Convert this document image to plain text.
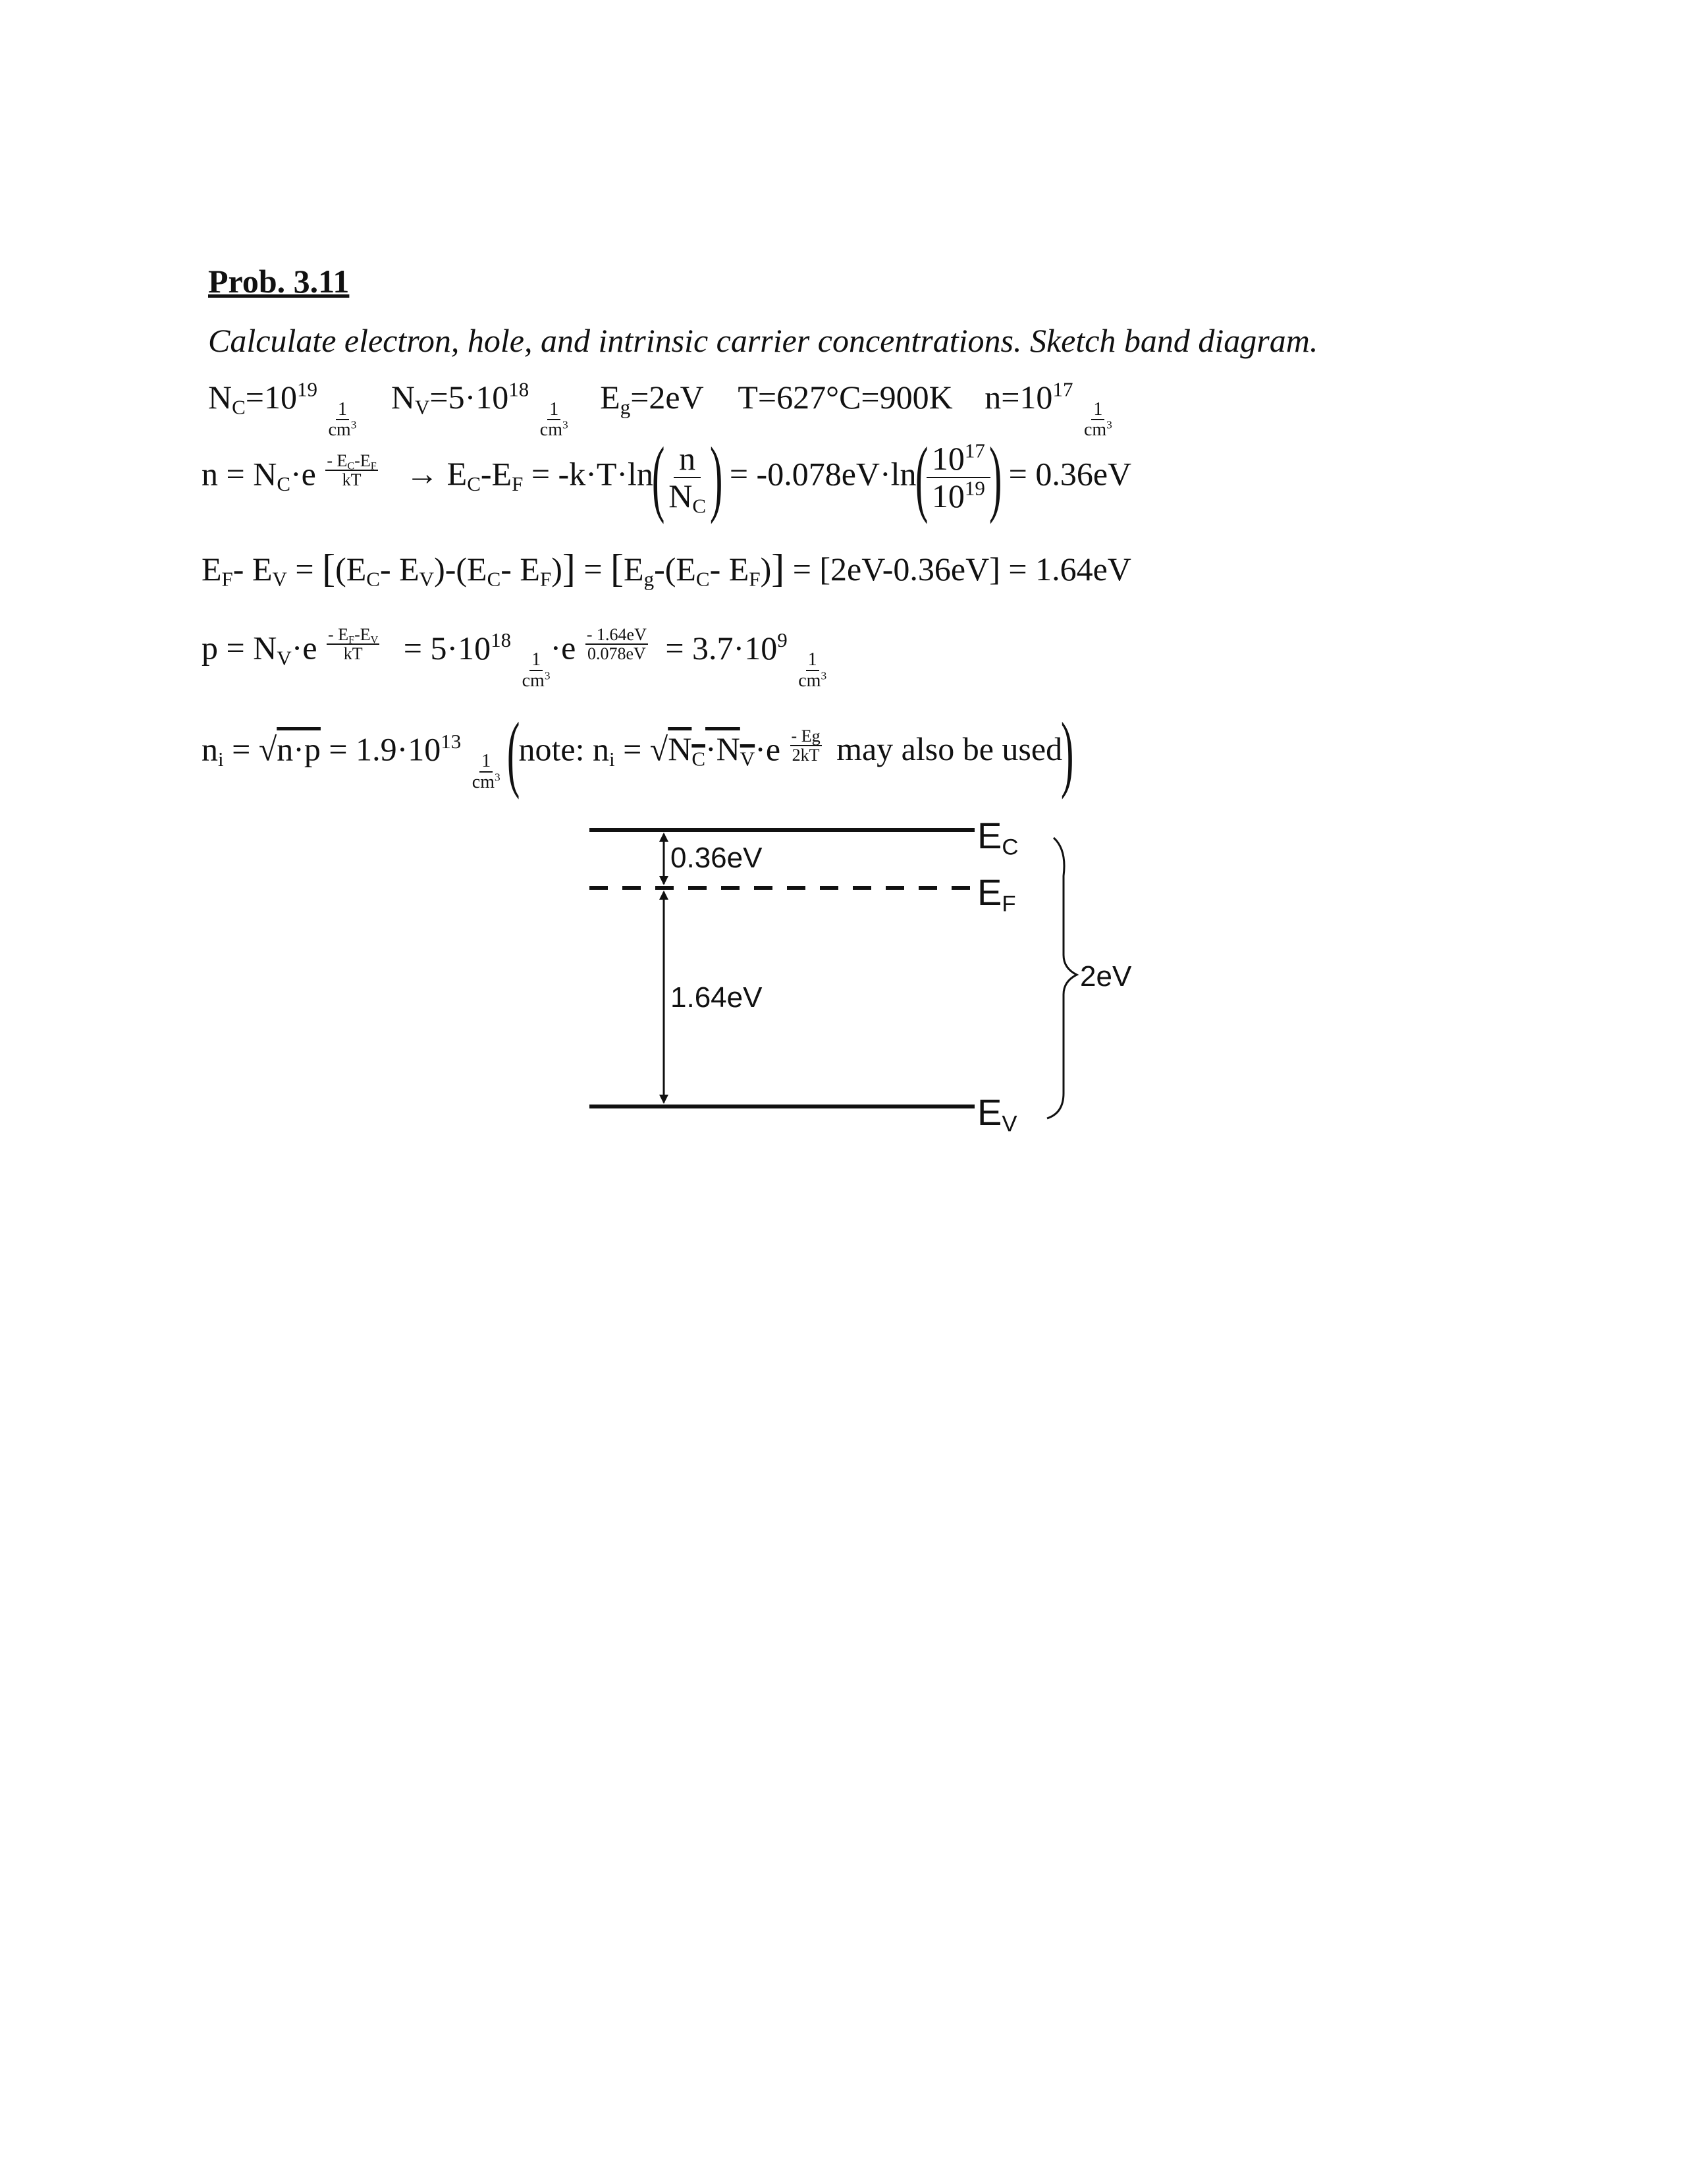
Prob. 3.11
Calculate electron, hole, and intrinsic carrier concentrations. Sketch band diagram.
$N_C=10^{19}$
$\frac{1}{cm^3}$
$N_V=5\cdot 10^{18}$
$\frac{1}{cm^3}$
$E_g=2eV$ T=627°C=900K $n=10^{17}$
$\frac{1}{cm^3}$
$n = N_C\cdot e \frac{- E_C-E_F}{kT} \to E_C-E_F = -k\cdot T\cdot\ln$(
$\frac{n}{N_C}$
) = -0.078eV·ln(
$\frac{10^{17}}{10^{19}}$
) = 0.36eV
$E_F-$ $E_V = [(E_C-$ $E_V)-(E_C-$ $E_F)] = [E_g-(E_C-$ $E_F)] = [2eV-0.36eV] = 1.64eV$
$p = N_V\cdot e \frac{- E_F-E_V}{kT} = 5\cdot 10^{18}$
$\frac{1}{cm^3}$
$\cdot e \frac{- 1.64eV}{0.078eV} = 3.7\cdot 10^9$
$\frac{1}{cm^3}$
$n_i = √n\cdot p = 1.9\cdot 10^{13}$
$\frac{1}{cm^3}$ (note: $n_i = √N_C\cdot N_V\cdot e \frac{- Eg}{2kT}$ may also be used)
0.36eV
1.64eV
$E_C$
$E_F$
$E_V$
2eV
